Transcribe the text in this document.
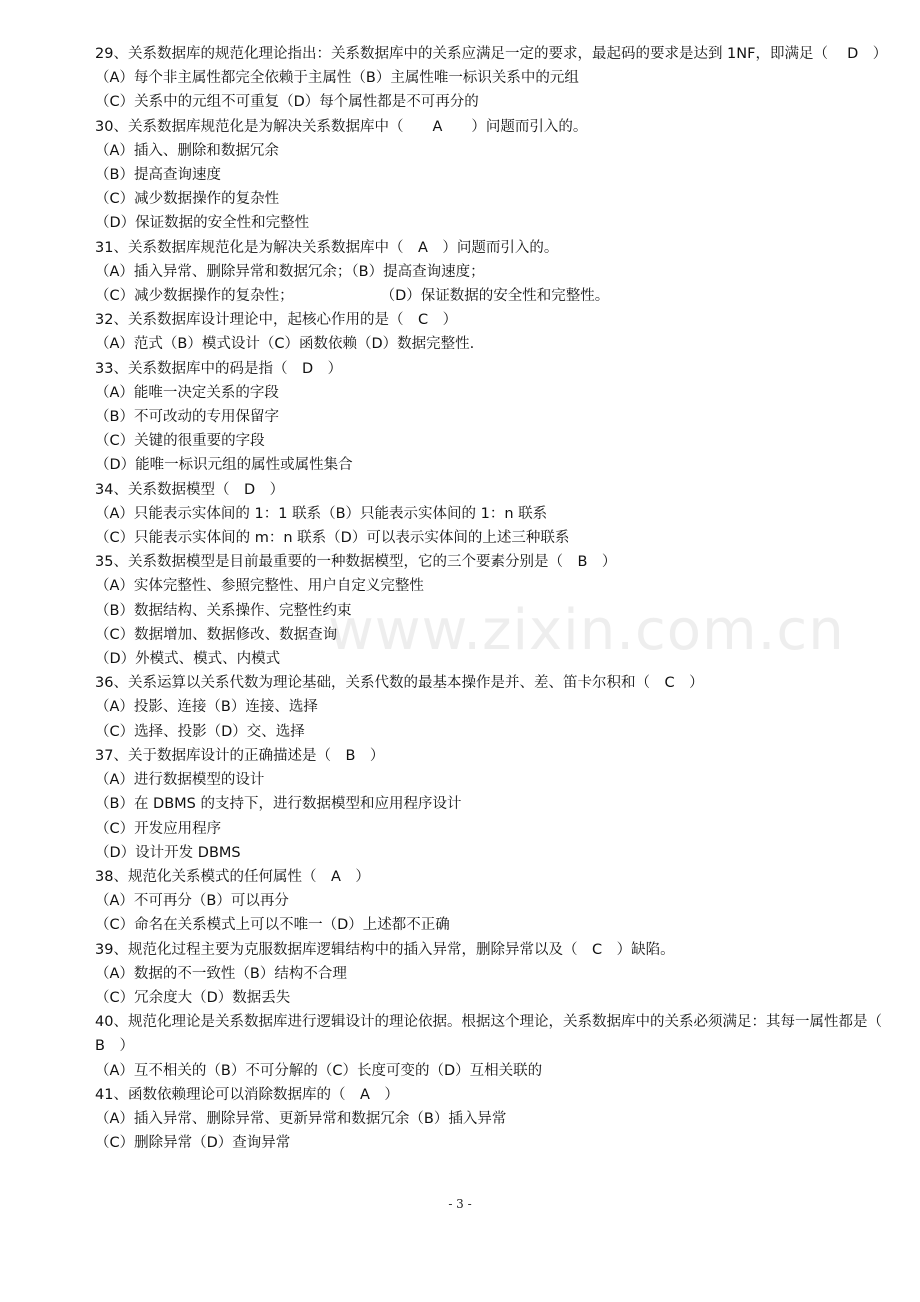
29、关系数据库的规范化理论指出：关系数据库中的关系应满足一定的要求，最起码的要求是达到 1NF，即满足（　 D　）
（A）每个非主属性都完全依赖于主属性（B）主属性唯一标识关系中的元组
（C）关系中的元组不可重复（D）每个属性都是不可再分的
30、关系数据库规范化是为解决关系数据库中（　　A　　）问题而引入的。
（A）插入、删除和数据冗余
（B）提高查询速度
（C）减少数据操作的复杂性
（D）保证数据的安全性和完整性
31、关系数据库规范化是为解决关系数据库中（　A　）问题而引入的。
（A）插入异常、删除异常和数据冗余；（B）提高查询速度；
（C）减少数据操作的复杂性；　　　　　　　（D）保证数据的安全性和完整性。
32、关系数据库设计理论中，起核心作用的是（　C　）
（A）范式（B）模式设计（C）函数依赖（D）数据完整性.
33、关系数据库中的码是指（　D　）
（A）能唯一决定关系的字段
（B）不可改动的专用保留字
（C）关键的很重要的字段
（D）能唯一标识元组的属性或属性集合
34、关系数据模型（　D　）
（A）只能表示实体间的 1：1 联系（B）只能表示实体间的 1：n 联系
（C）只能表示实体间的 m：n 联系（D）可以表示实体间的上述三种联系
35、关系数据模型是目前最重要的一种数据模型，它的三个要素分别是（　B　）
（A）实体完整性、参照完整性、用户自定义完整性
（B）数据结构、关系操作、完整性约束
（C）数据增加、数据修改、数据查询
（D）外模式、模式、内模式
36、关系运算以关系代数为理论基础，关系代数的最基本操作是并、差、笛卡尔积和（　C　）
（A）投影、连接（B）连接、选择
（C）选择、投影（D）交、选择
37、关于数据库设计的正确描述是（　B　）
（A）进行数据模型的设计
（B）在 DBMS 的支持下，进行数据模型和应用程序设计
（C）开发应用程序
（D）设计开发 DBMS
38、规范化关系模式的任何属性（　A　）
（A）不可再分（B）可以再分
（C）命名在关系模式上可以不唯一（D）上述都不正确
39、规范化过程主要为克服数据库逻辑结构中的插入异常，删除异常以及（　C　）缺陷。
（A）数据的不一致性（B）结构不合理
（C）冗余度大（D）数据丢失
40、规范化理论是关系数据库进行逻辑设计的理论依据。根据这个理论，关系数据库中的关系必须满足：其每一属性都是（　B　）
（A）互不相关的（B）不可分解的（C）长度可变的（D）互相关联的
41、函数依赖理论可以消除数据库的（　A　）
（A）插入异常、删除异常、更新异常和数据冗余（B）插入异常
（C）删除异常（D）查询异常
www.zixin.com.cn
- 3 -
